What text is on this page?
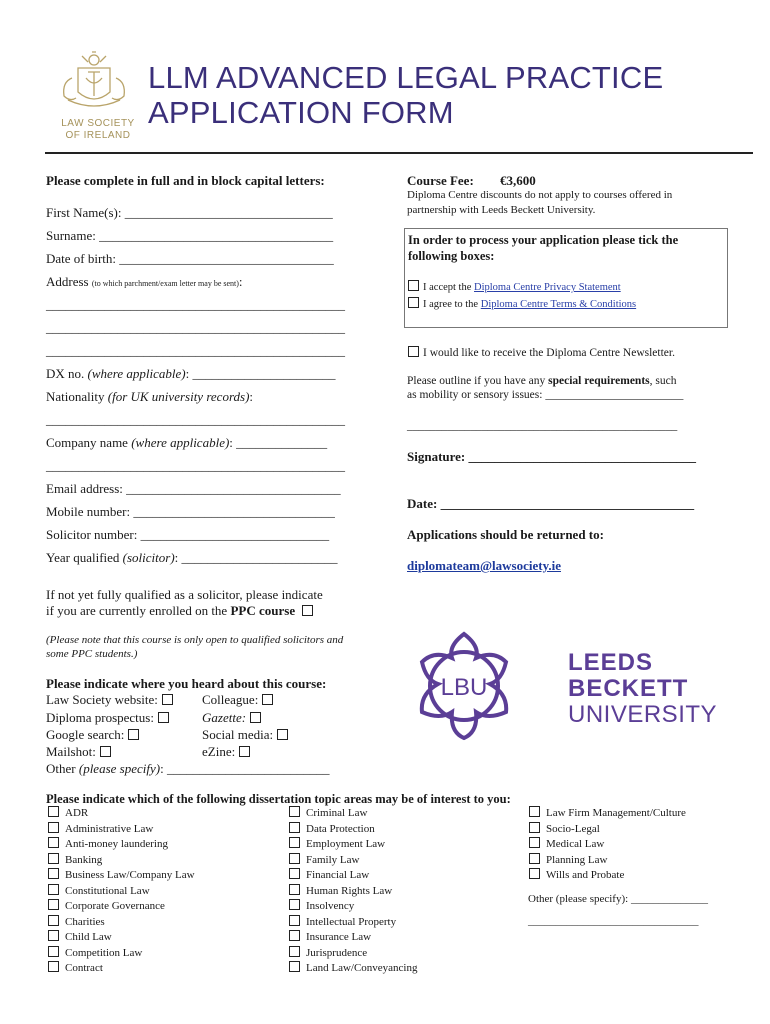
LAW SOCIETY
OF IRELAND
LLM ADVANCED LEGAL PRACTICE
APPLICATION FORM
Please complete in full and in block capital letters:
First Name(s): ________________________________
Surname: ____________________________________
Date of birth: _________________________________
Address (to which parchment/exam letter may be sent):
______________________________________________
______________________________________________
______________________________________________
DX no. (where applicable): ______________________
Nationality (for UK university records):
______________________________________________
Company name (where applicable): ______________
______________________________________________
Email address: _________________________________
Mobile number: _______________________________
Solicitor number: _____________________________
Year qualified (solicitor): ________________________
If not yet fully qualified as a solicitor, please indicate
if you are currently enrolled on the PPC course
(Please note that this course is only open to qualified solicitors and
some PPC students.)
Please indicate where you heard about this course:
Law Society website:	Colleague:
Diploma prospectus:	Gazette:
Google search:	Social media:
Mailshot:	eZine:
Other (please specify): _________________________
Course Fee: €3,600
Diploma Centre discounts do not apply to courses offered in
partnership with Leeds Beckett University.
In order to process your application please tick the
following boxes:
I accept the Diploma Centre Privacy Statement
I agree to the Diploma Centre Terms & Conditions
I would like to receive the Diploma Centre Newsletter.
Please outline if you have any special requirements, such
as mobility or sensory issues: ________________________
_______________________________________________
Signature: ___________________________________
Date: _______________________________________
Applications should be returned to:
diplomateam@lawsociety.ie
LBU
LEEDS
BECKETT
UNIVERSITY
Please indicate which of the following dissertation topic areas may be of interest to you:
ADR
Administrative Law
Anti-money laundering
Banking
Business Law/Company Law
Constitutional Law
Corporate Governance
Charities
Child Law
Competition Law
Contract
Criminal Law
Data Protection
Employment Law
Family Law
Financial Law
Human Rights Law
Insolvency
Intellectual Property
Insurance Law
Jurisprudence
Land Law/Conveyancing
Law Firm Management/Culture
Socio-Legal
Medical Law
Planning Law
Wills and Probate
Other (please specify): ______________
_______________________________
